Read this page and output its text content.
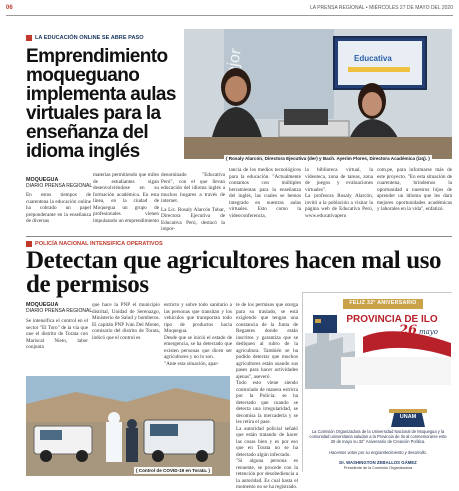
06	LA PRENSA REGIONAL • MIÉRCOLES 27 DE MAYO DEL 2020
LA EDUCACIÓN ONLINE SE ABRE PASO
Emprendimiento moqueguano implementa aulas virtuales para la enseñanza del idioma inglés
MOQUEGUA
DIARIO PRENSA REGIONAL
En estos tiempos de cuarentena la educación online ha cobrado un papel preponderante en la enseñanza de diversas
materias permitiendo que miles de estudiantes sigan desenvolviéndose en su formación académica. En esta línea, en la ciudad de Moquegua un grupo de profesionales vienen impulsando un emprendimiento
Educativa
( Rosaly Alarcón, Directora Ejecutiva (der) y Bach. Ayerim Flores, Directora Académica (izq). )
denominado "Educativa Perú", con el que llevan educación del idioma inglés a muchos hogares a través de internet.
La Lic. Rosaly Alarcón Tobar, Directora Ejecutiva de Educativa Perú, destacó la impor-
tancia de los medios tecnológicos para la educación. "Actualmente contamos con múltiples herramientas para la enseñanza del inglés, las cuales se hemos integrado en nuestras aulas virtuales. Esto como la videoconferencia,
la biblioteca virtual, la videoteca, zona de tareas, zona de juegos y evaluaciones virtuales".
La profesora Rosaly Alarcón, invitó a la población a visitar la página web de Educativa Perú, www.educativaperu
com.pe, para informarse más de este proyecto. "En esta situación de cuarentena, brindemos la oportunidad a nuestros hijos de aprender un idioma que les dará mejores oportunidades académicas y laborales en la vida", enfatizó.
POLICÍA NACIONAL INTENSIFICA OPERATIVOS
Detectan que agricultores hacen mal uso de permisos
MOQUEGUA
DIARIO PRENSA REGIONAL
Se intensifica el control en el sector "El Toro" de la vía que une el distrito de Torata con Mariscal Nieto, labor conjunta
que hace la PNP el municipio distrital, Unidad de Serenazgo, Ministerio de Salud y bomberos.
El capitán PNP Iván Del Monte, comisario del distrito de Torata, indicó que el control es
estricto y sobre todo sanitario a las personas que transitan y los vehículos que transportan todo tipo de productos hacia Moquegua.
Desde que se inició el estado de emergencia, se ha detectado que existen personas que dicen ser agricultores y no lo son.
"Ante esta situación, apar-
te de los permisos que otorga para su traslado, se está exigiendo que tengan una constancia de la Junta de Regantes donde están inscritos y garantiza que se dediquen al rubro de la agricultura. También se ha podido detectar que muchos agricultores están usando sus pases para hacer actividades ajenas", aseveró.
Todo esto viene siendo controlado de manera estricta por la Policía; se ha detectado que cuando se detecta una irregularidad, se decomisa la mercadería y se les retira el pase.
La autoridad policial señaló que están tratando de hacer las cosas bien y es por eso que en Torata no se ha detectado algún infectado.
"Si alguna persona es renuente, se procede con la retención por desobediencia a la autoridad. Es cual hasta el momento no se ha registrado.
( Control de COVID-19 en Torata. )
FELIZ 32° ANIVERSARIO
PROVINCIA DE ILO
26 mayo
UNAM
La Comisión Organizadora de la Universidad Nacional de Moquegua y la comunidad universitaria saludan a la Provincia de Ilo al conmemorarse este 26 de mayo su 32° Aniversario de Creación Política.
Hacemos votos por su engrandecimiento y desarrollo.
Dr. WASHINGTON ZEBALLOS GÁMEZ
Presidente de la Comisión Organizadora
